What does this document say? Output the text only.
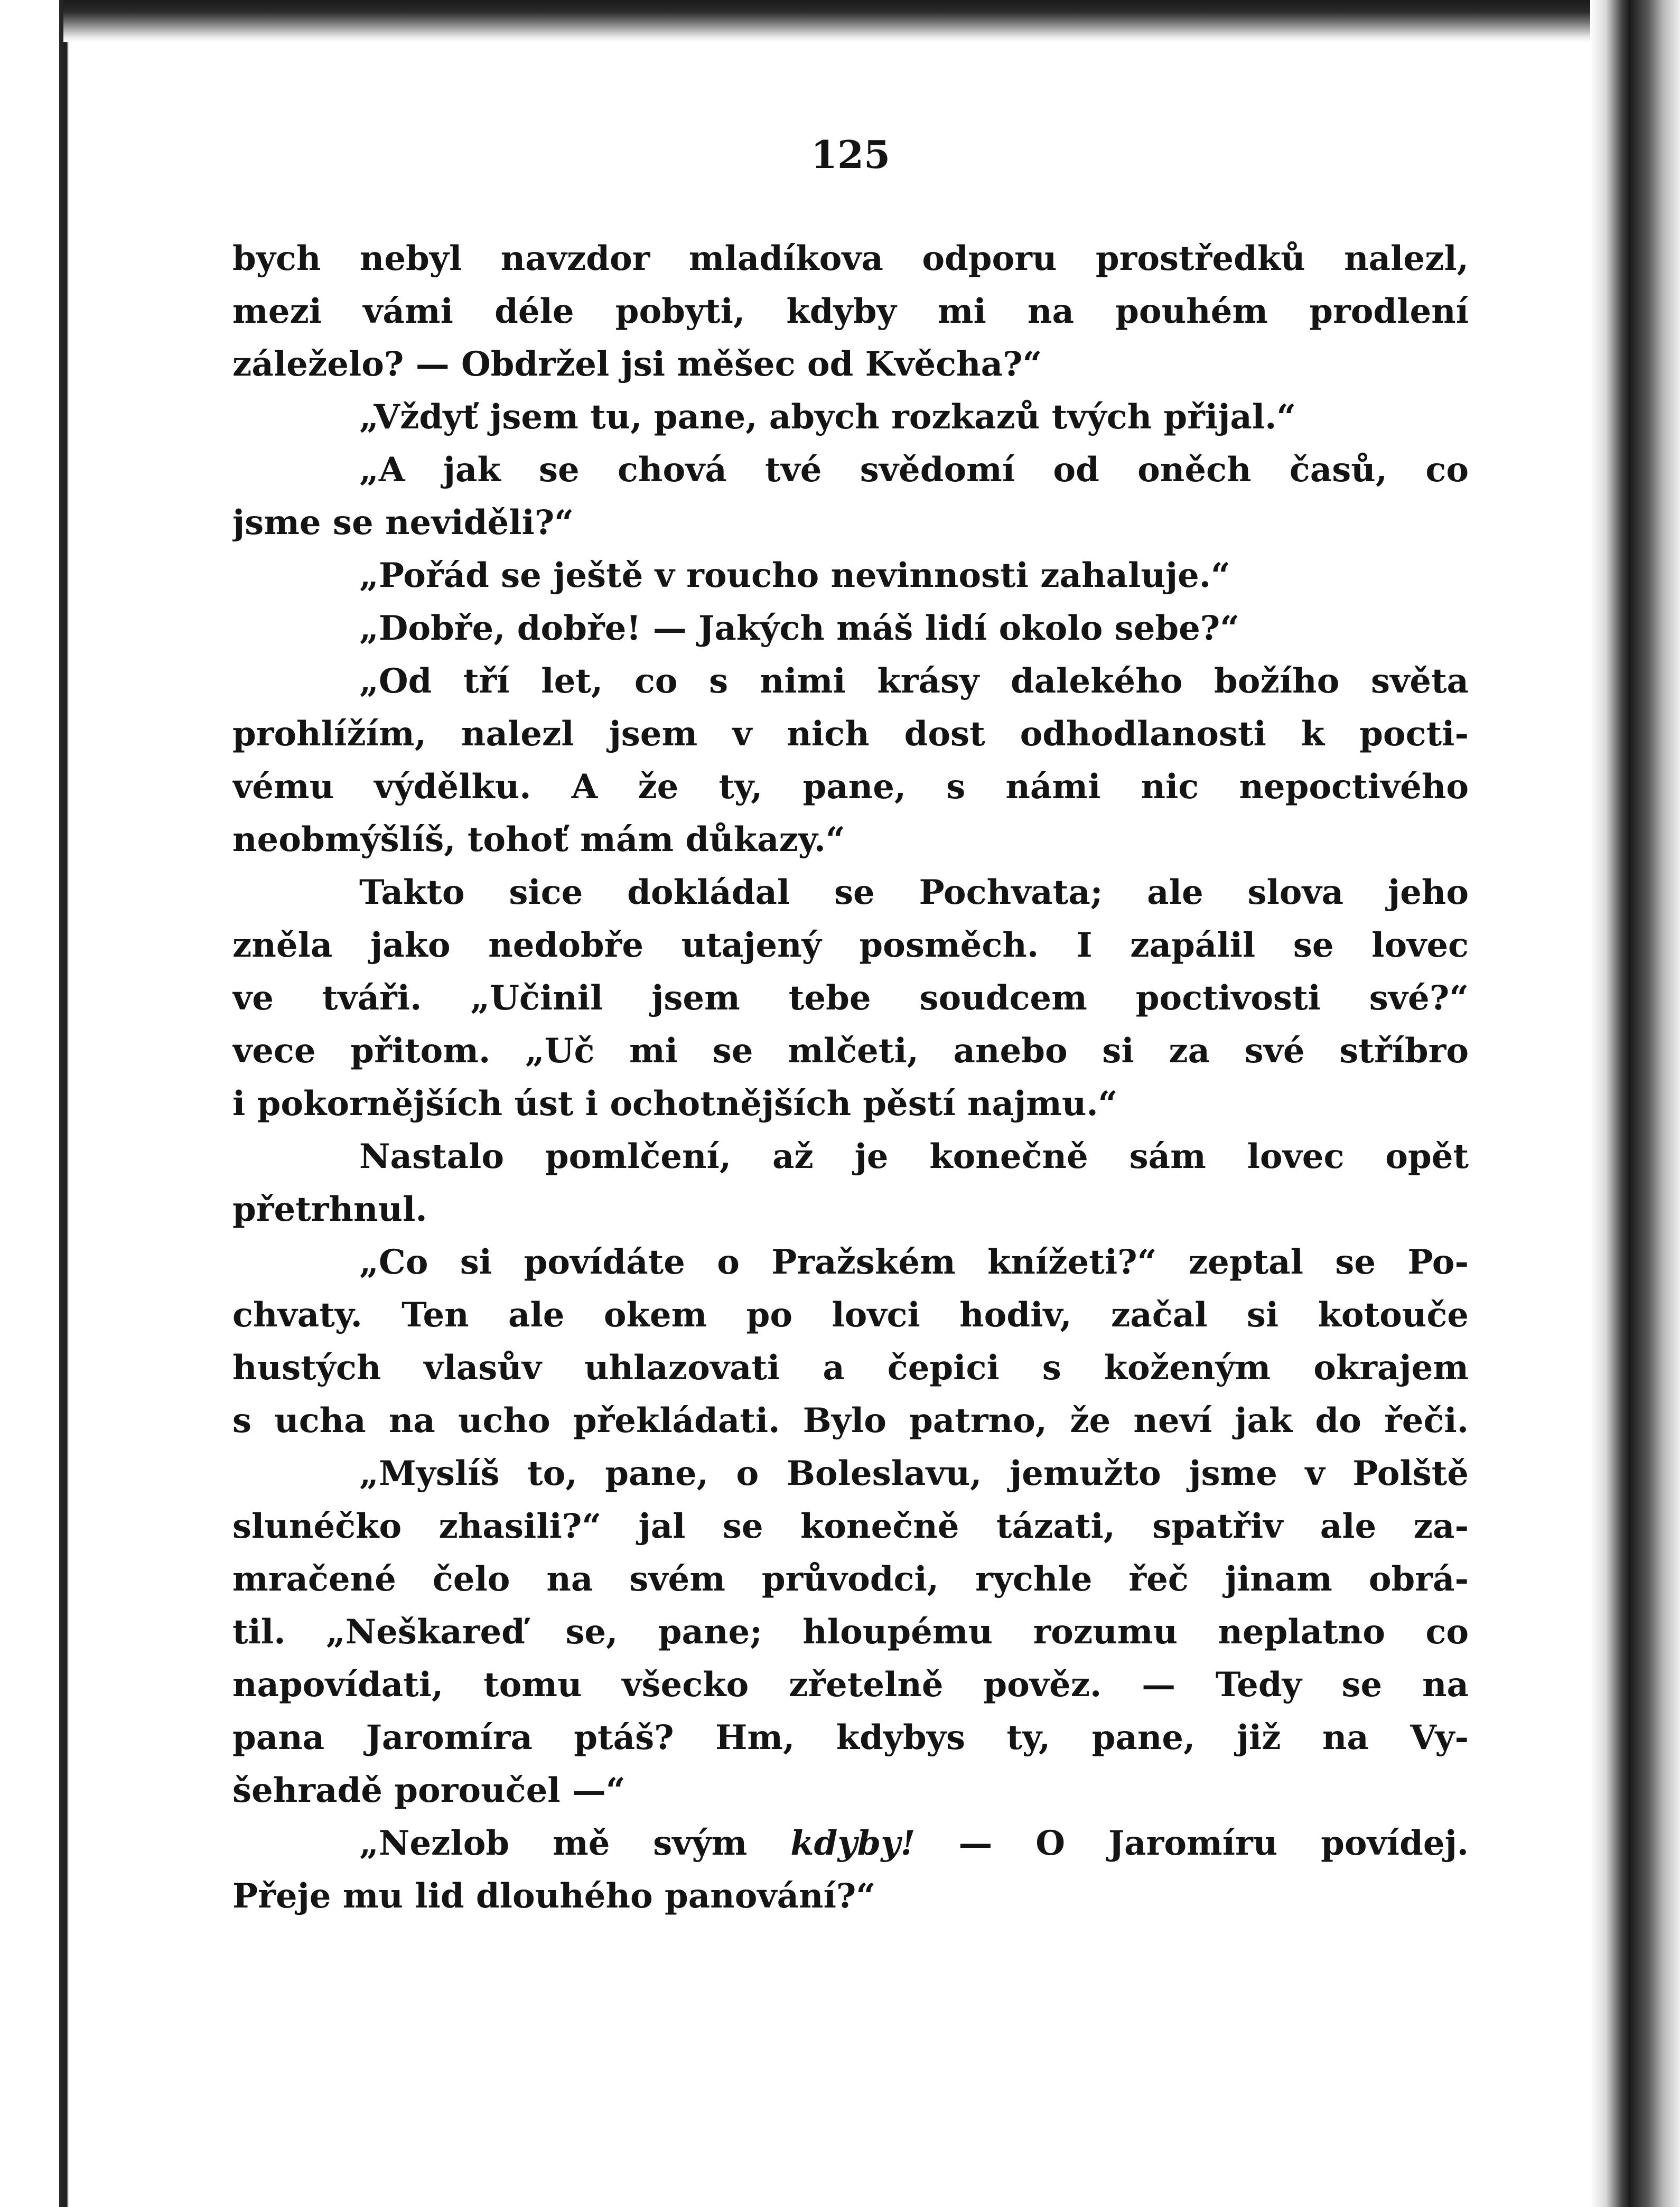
125
bych nebyl navzdor mladíkova odporu prostředků nalezl,
mezi vámi déle pobyti, kdyby mi na pouhém prodlení
záleželo? — Obdržel jsi měšec od Kvěcha?“
„Vždyť jsem tu, pane, abych rozkazů tvých přijal.“
„A jak se chová tvé svědomí od oněch časů, co
jsme se neviděli?“
„Pořád se ještě v roucho nevinnosti zahaluje.“
„Dobře, dobře! — Jakých máš lidí okolo sebe?“
„Od tří let, co s nimi krásy dalekého božího světa
prohlížím, nalezl jsem v nich dost odhodlanosti k pocti-
vému výdělku. A že ty, pane, s námi nic nepoctivého
neobmýšlíš, tohoť mám důkazy.“
Takto sice dokládal se Pochvata; ale slova jeho
zněla jako nedobře utajený posměch. I zapálil se lovec
ve tváři. „Učinil jsem tebe soudcem poctivosti své?“
vece přitom. „Uč mi se mlčeti, anebo si za své stříbro
i pokornějších úst i ochotnějších pěstí najmu.“
Nastalo pomlčení, až je konečně sám lovec opět
přetrhnul.
„Co si povídáte o Pražském knížeti?“ zeptal se Po-
chvaty. Ten ale okem po lovci hodiv, začal si kotouče
hustých vlasův uhlazovati a čepici s koženým okrajem
s ucha na ucho překládati. Bylo patrno, že neví jak do řeči.
„Myslíš to, pane, o Boleslavu, jemužto jsme v Polště
slunéčko zhasili?“ jal se konečně tázati, spatřiv ale za-
mračené čelo na svém průvodci, rychle řeč jinam obrá-
til. „Neškareď se, pane; hloupému rozumu neplatno co
napovídati, tomu všecko zřetelně pověz. — Tedy se na
pana Jaromíra ptáš? Hm, kdybys ty, pane, již na Vy-
šehradě poroučel —“
„Nezlob mě svým kdyby! — O Jaromíru povídej.
Přeje mu lid dlouhého panování?“
